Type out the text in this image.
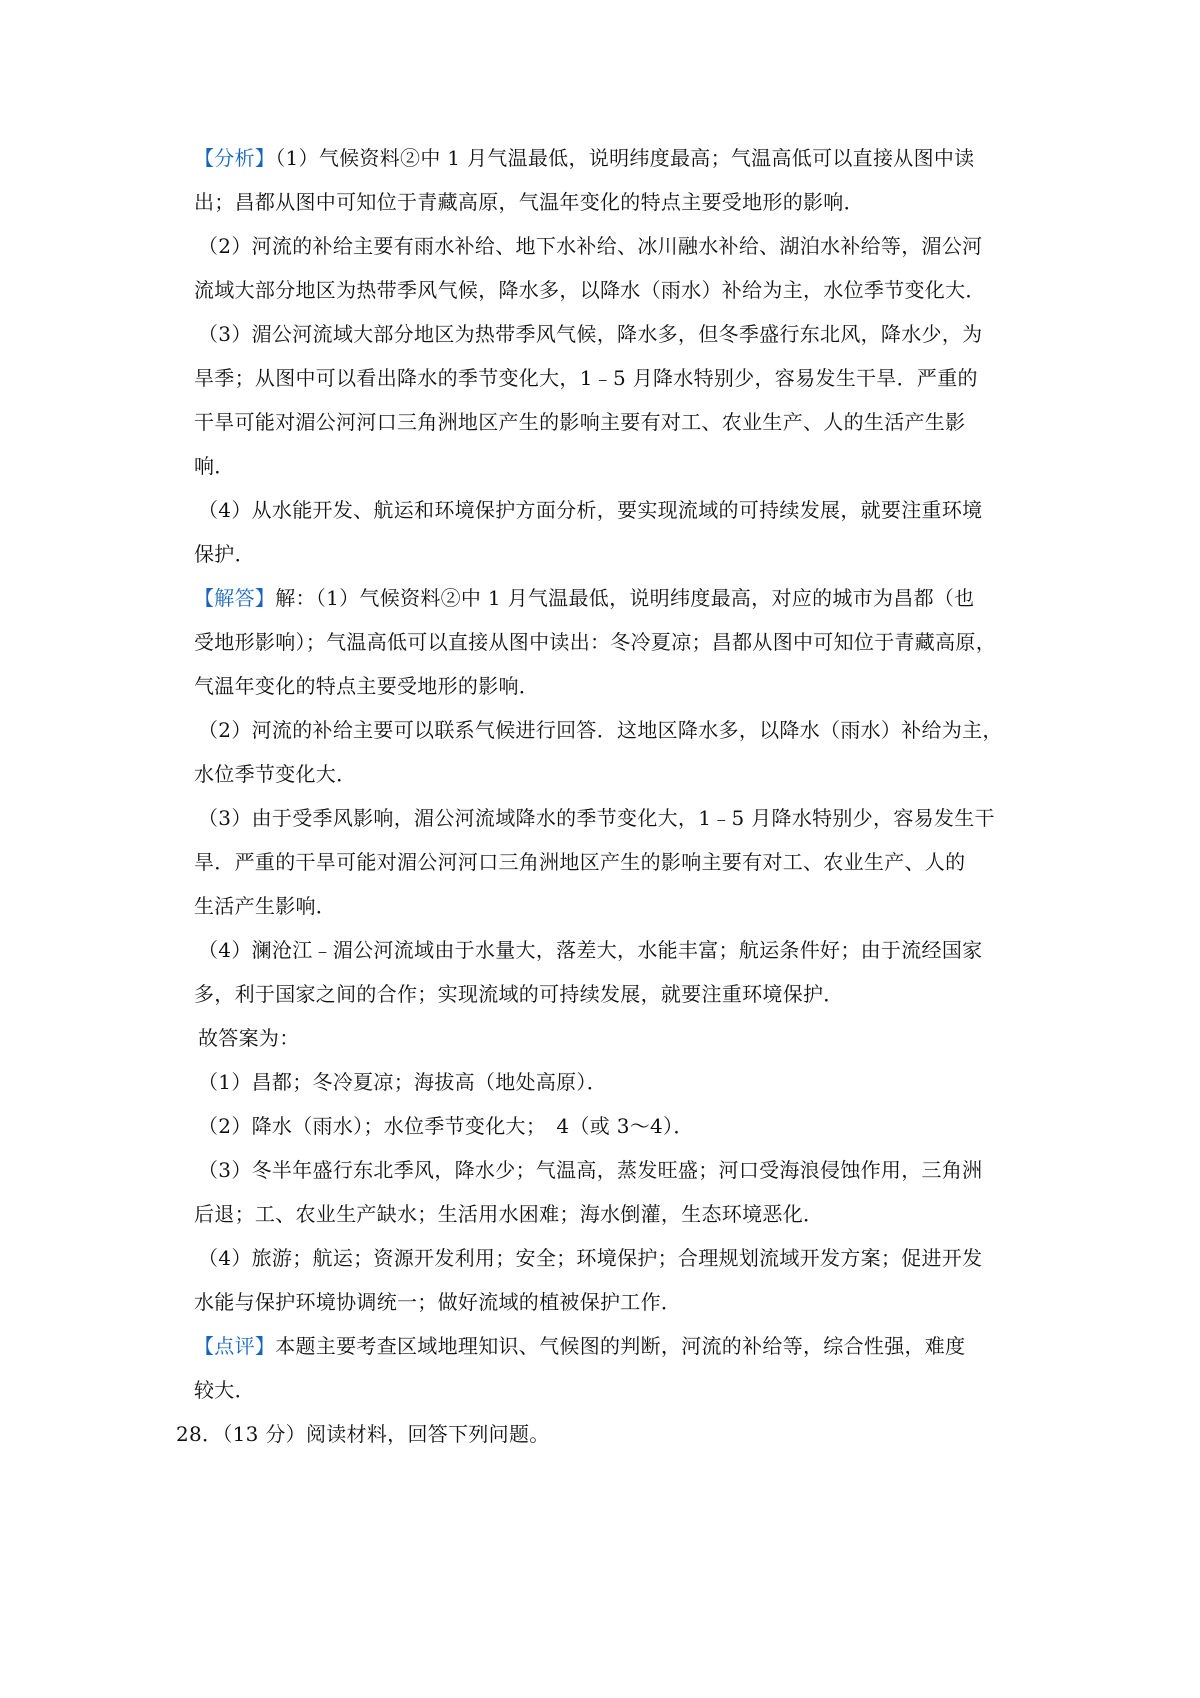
【分析】（1）气候资料②中 1 月气温最低，说明纬度最高；气温高低可以直接从图中读
出；昌都从图中可知位于青藏高原，气温年变化的特点主要受地形的影响．
（2）河流的补给主要有雨水补给、地下水补给、冰川融水补给、湖泊水补给等，湄公河
流域大部分地区为热带季风气候，降水多，以降水（雨水）补给为主，水位季节变化大．
（3）湄公河流域大部分地区为热带季风气候，降水多，但冬季盛行东北风，降水少，为
旱季；从图中可以看出降水的季节变化大，1﹣5 月降水特别少，容易发生干旱．严重的
干旱可能对湄公河河口三角洲地区产生的影响主要有对工、农业生产、人的生活产生影
响．
（4）从水能开发、航运和环境保护方面分析，要实现流域的可持续发展，就要注重环境
保护．
【解答】解：（1）气候资料②中 1 月气温最低，说明纬度最高，对应的城市为昌都（也
受地形影响）；气温高低可以直接从图中读出：冬冷夏凉；昌都从图中可知位于青藏高原，
气温年变化的特点主要受地形的影响．
（2）河流的补给主要可以联系气候进行回答．这地区降水多，以降水（雨水）补给为主，
水位季节变化大．
（3）由于受季风影响，湄公河流域降水的季节变化大，1﹣5 月降水特别少，容易发生干
旱．严重的干旱可能对湄公河河口三角洲地区产生的影响主要有对工、农业生产、人的
生活产生影响．
（4）澜沧江﹣湄公河流域由于水量大，落差大，水能丰富；航运条件好；由于流经国家
多，利于国家之间的合作；实现流域的可持续发展，就要注重环境保护．
故答案为：
（1）昌都；冬冷夏凉；海拔高（地处高原）．
（2）降水（雨水）；水位季节变化大；　4（或 3～4）．
（3）冬半年盛行东北季风，降水少；气温高，蒸发旺盛；河口受海浪侵蚀作用，三角洲
后退；工、农业生产缺水；生活用水困难；海水倒灌，生态环境恶化．
（4）旅游；航运；资源开发利用；安全；环境保护；合理规划流域开发方案；促进开发
水能与保护环境协调统一；做好流域的植被保护工作．
【点评】本题主要考查区域地理知识、气候图的判断，河流的补给等，综合性强，难度
较大．
28．（13 分）阅读材料，回答下列问题。
